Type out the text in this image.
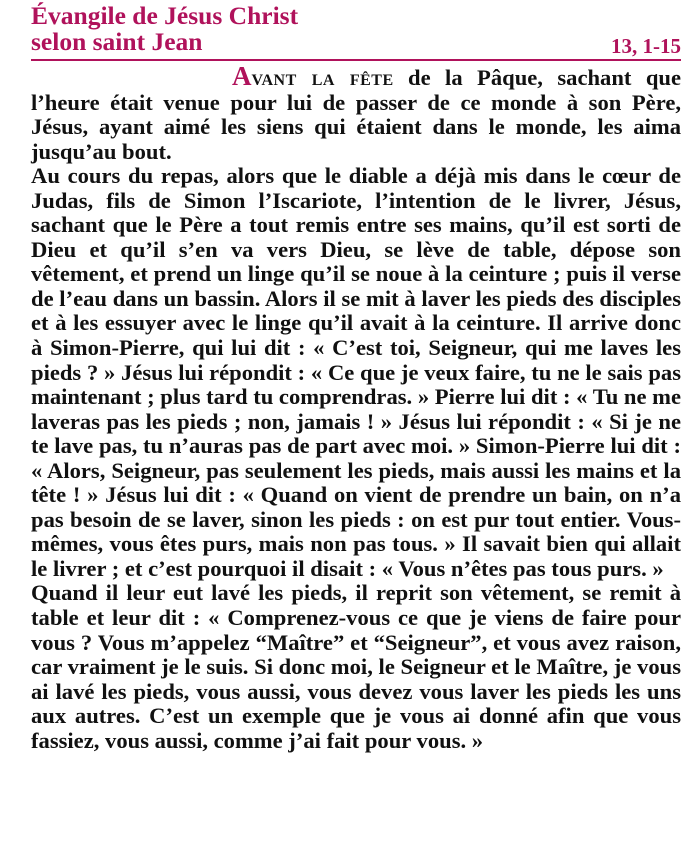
Évangile de Jésus Christ
selon saint Jean	13, 1-15

Avant la fête de la Pâque, sachant que l’heure était venue pour lui de passer de ce monde à son Père, Jésus, ayant aimé les siens qui étaient dans le monde, les aima jusqu’au bout.

Au cours du repas, alors que le diable a déjà mis dans le cœur de Judas, fils de Simon l’Iscariote, l’intention de le livrer, Jésus, sachant que le Père a tout remis entre ses mains, qu’il est sorti de Dieu et qu’il s’en va vers Dieu, se lève de table, dépose son vêtement, et prend un linge qu’il se noue à la ceinture ; puis il verse de l’eau dans un bassin. Alors il se mit à laver les pieds des disciples et à les essuyer avec le linge qu’il avait à la ceinture. Il arrive donc à Simon-Pierre, qui lui dit : « C’est toi, Seigneur, qui me laves les pieds ? » Jésus lui répondit : « Ce que je veux faire, tu ne le sais pas maintenant ; plus tard tu comprendras. » Pierre lui dit : « Tu ne me laveras pas les pieds ; non, jamais ! » Jésus lui répondit : « Si je ne te lave pas, tu n’auras pas de part avec moi. » Simon-Pierre lui dit : « Alors, Seigneur, pas seulement les pieds, mais aussi les mains et la tête ! » Jésus lui dit : « Quand on vient de prendre un bain, on n’a pas besoin de se laver, sinon les pieds : on est pur tout entier. Vous-mêmes, vous êtes purs, mais non pas tous. » Il savait bien qui allait le livrer ; et c’est pourquoi il disait : « Vous n’êtes pas tous purs. »

Quand il leur eut lavé les pieds, il reprit son vêtement, se remit à table et leur dit : « Comprenez-vous ce que je viens de faire pour vous ? Vous m’appelez “Maître” et “Seigneur”, et vous avez raison, car vraiment je le suis. Si donc moi, le Seigneur et le Maître, je vous ai lavé les pieds, vous aussi, vous devez vous laver les pieds les uns aux autres. C’est un exemple que je vous ai donné afin que vous fassiez, vous aussi, comme j’ai fait pour vous. »
